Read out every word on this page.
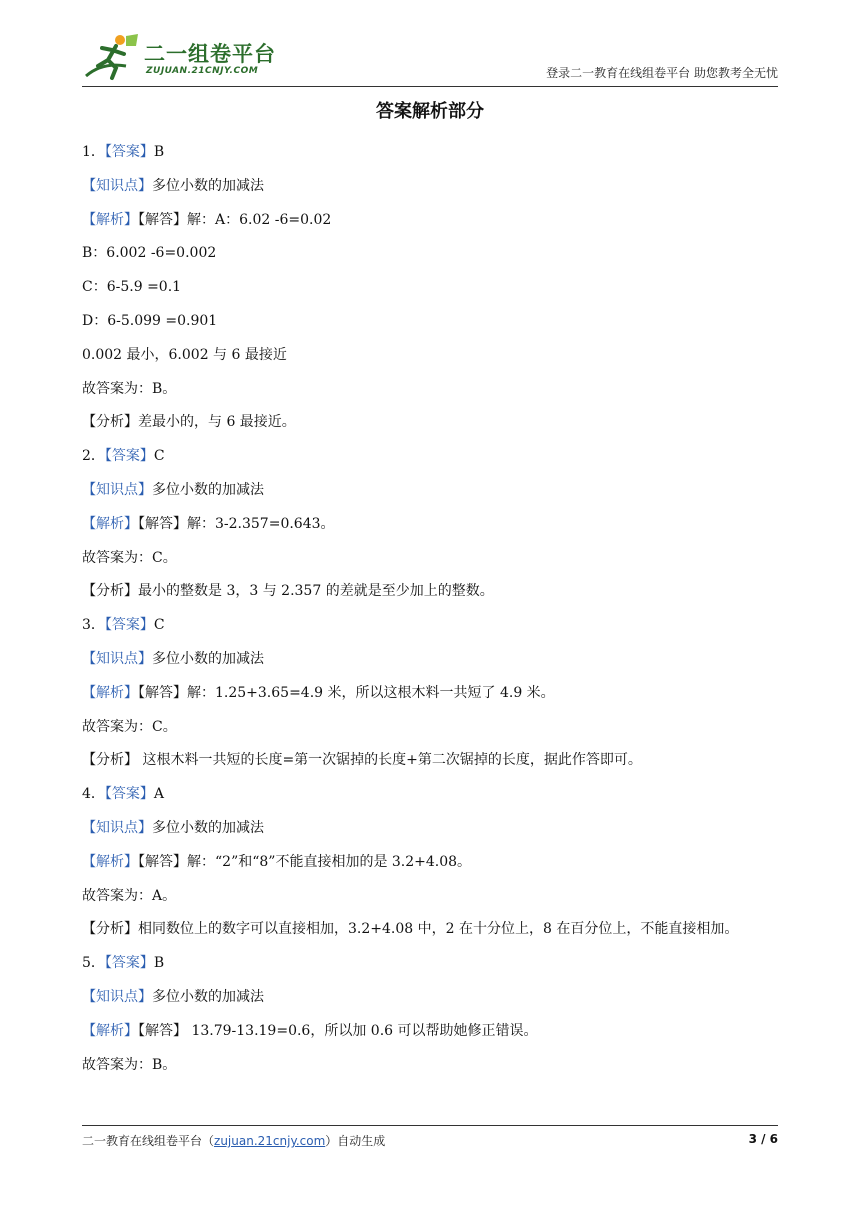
二一组卷平台
ZUJUAN.21CNJY.COM	登录二一教育在线组卷平台 助您教考全无忧
答案解析部分
1．【答案】B
【知识点】多位小数的加减法
【解析】【解答】解：A：6.02 -6=0.02
B：6.002 -6=0.002
C：6-5.9 =0.1
D：6-5.099 =0.901
0.002 最小，6.002 与 6 最接近
故答案为：B。
【分析】差最小的，与 6 最接近。
2．【答案】C
【知识点】多位小数的加减法
【解析】【解答】解：3-2.357=0.643。
故答案为：C。
【分析】最小的整数是 3，3 与 2.357 的差就是至少加上的整数。
3．【答案】C
【知识点】多位小数的加减法
【解析】【解答】解：1.25+3.65=4.9 米，所以这根木料一共短了 4.9 米。
故答案为：C。
【分析】 这根木料一共短的长度=第一次锯掉的长度+第二次锯掉的长度，据此作答即可。
4．【答案】A
【知识点】多位小数的加减法
【解析】【解答】解：“2”和“8”不能直接相加的是 3.2+4.08。
故答案为：A。
【分析】相同数位上的数字可以直接相加，3.2+4.08 中，2 在十分位上，8 在百分位上，不能直接相加。
5．【答案】B
【知识点】多位小数的加减法
【解析】【解答】 13.79-13.19=0.6，所以加 0.6 可以帮助她修正错误。
故答案为：B。
二一教育在线组卷平台（zujuan.21cnjy.com）自动生成	3 / 6
